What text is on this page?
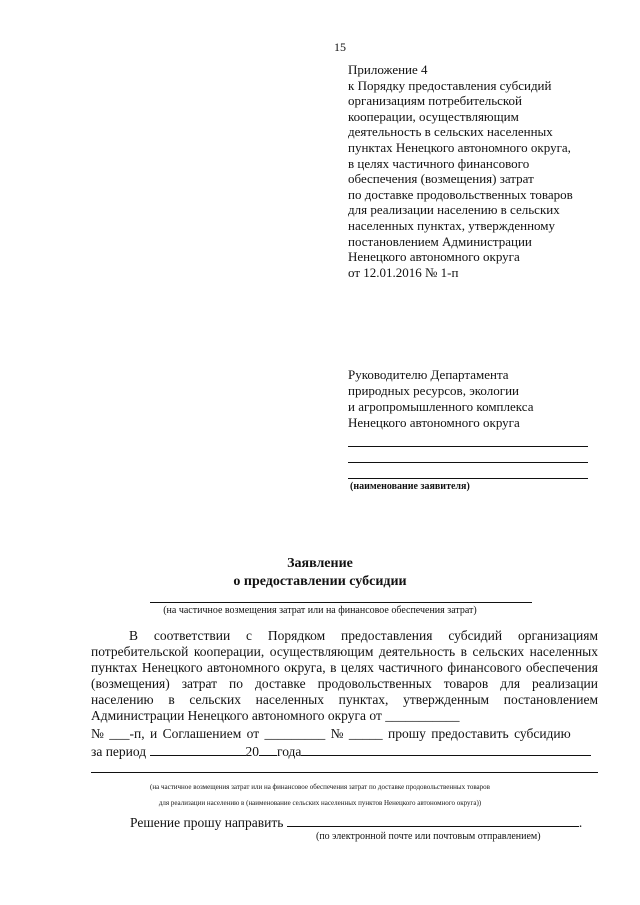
15
Приложение 4
к Порядку предоставления субсидий
организациям потребительской
кооперации, осуществляющим
деятельность в сельских населенных
пунктах Ненецкого автономного округа,
в целях частичного финансового
обеспечения (возмещения) затрат
по доставке продовольственных товаров
для реализации населению в сельских
населенных пунктах, утвержденному
постановлением Администрации
Ненецкого автономного округа
от 12.01.2016 № 1-п
Руководителю Департамента
природных ресурсов, экологии
и агропромышленного комплекса
Ненецкого автономного округа
(наименование заявителя)
Заявление
о предоставлении субсидии
(на частичное возмещения затрат или на финансовое обеспечения затрат)
В соответствии с Порядком предоставления субсидий организациям потребительской кооперации, осуществляющим деятельность в сельских населенных пунктах Ненецкого автономного округа, в целях частичного финансового обеспечения (возмещения) затрат по доставке продовольственных товаров для реализации населению в сельских населенных пунктах, утвержденным постановлением Администрации Ненецкого автономного округа от ___________
№ ___-п, и Соглашением от _________ № _____ прошу предоставить субсидию
за период	20 года
(на частичное возмещения затрат или на финансовое обеспечения затрат по доставке продовольственных товаров
для реализации населению в (наименование сельских населенных пунктов Ненецкого автономного округа))
Решение прошу направить	.
(по электронной почте или почтовым отправлением)
